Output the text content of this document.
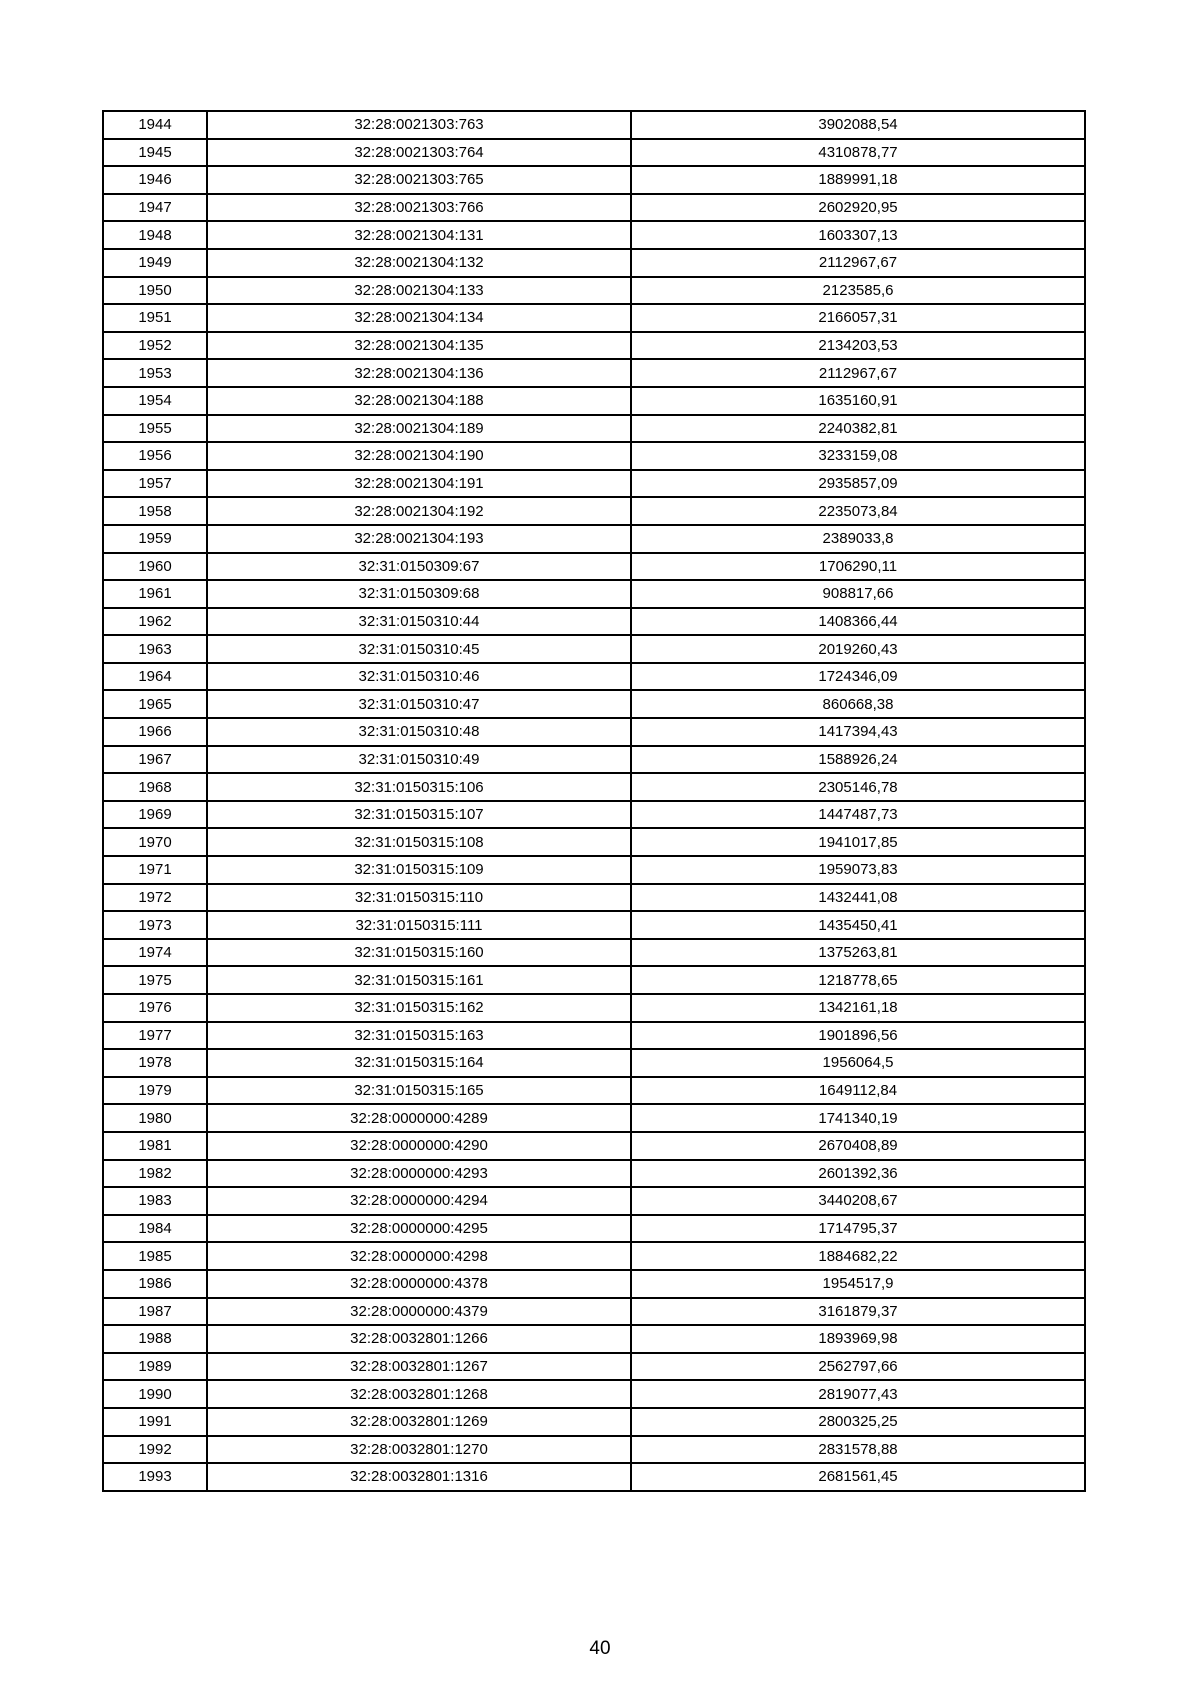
1944	32:28:0021303:763	3902088,54
1945	32:28:0021303:764	4310878,77
1946	32:28:0021303:765	1889991,18
1947	32:28:0021303:766	2602920,95
1948	32:28:0021304:131	1603307,13
1949	32:28:0021304:132	2112967,67
1950	32:28:0021304:133	2123585,6
1951	32:28:0021304:134	2166057,31
1952	32:28:0021304:135	2134203,53
1953	32:28:0021304:136	2112967,67
1954	32:28:0021304:188	1635160,91
1955	32:28:0021304:189	2240382,81
1956	32:28:0021304:190	3233159,08
1957	32:28:0021304:191	2935857,09
1958	32:28:0021304:192	2235073,84
1959	32:28:0021304:193	2389033,8
1960	32:31:0150309:67	1706290,11
1961	32:31:0150309:68	908817,66
1962	32:31:0150310:44	1408366,44
1963	32:31:0150310:45	2019260,43
1964	32:31:0150310:46	1724346,09
1965	32:31:0150310:47	860668,38
1966	32:31:0150310:48	1417394,43
1967	32:31:0150310:49	1588926,24
1968	32:31:0150315:106	2305146,78
1969	32:31:0150315:107	1447487,73
1970	32:31:0150315:108	1941017,85
1971	32:31:0150315:109	1959073,83
1972	32:31:0150315:110	1432441,08
1973	32:31:0150315:111	1435450,41
1974	32:31:0150315:160	1375263,81
1975	32:31:0150315:161	1218778,65
1976	32:31:0150315:162	1342161,18
1977	32:31:0150315:163	1901896,56
1978	32:31:0150315:164	1956064,5
1979	32:31:0150315:165	1649112,84
1980	32:28:0000000:4289	1741340,19
1981	32:28:0000000:4290	2670408,89
1982	32:28:0000000:4293	2601392,36
1983	32:28:0000000:4294	3440208,67
1984	32:28:0000000:4295	1714795,37
1985	32:28:0000000:4298	1884682,22
1986	32:28:0000000:4378	1954517,9
1987	32:28:0000000:4379	3161879,37
1988	32:28:0032801:1266	1893969,98
1989	32:28:0032801:1267	2562797,66
1990	32:28:0032801:1268	2819077,43
1991	32:28:0032801:1269	2800325,25
1992	32:28:0032801:1270	2831578,88
1993	32:28:0032801:1316	2681561,45
40
